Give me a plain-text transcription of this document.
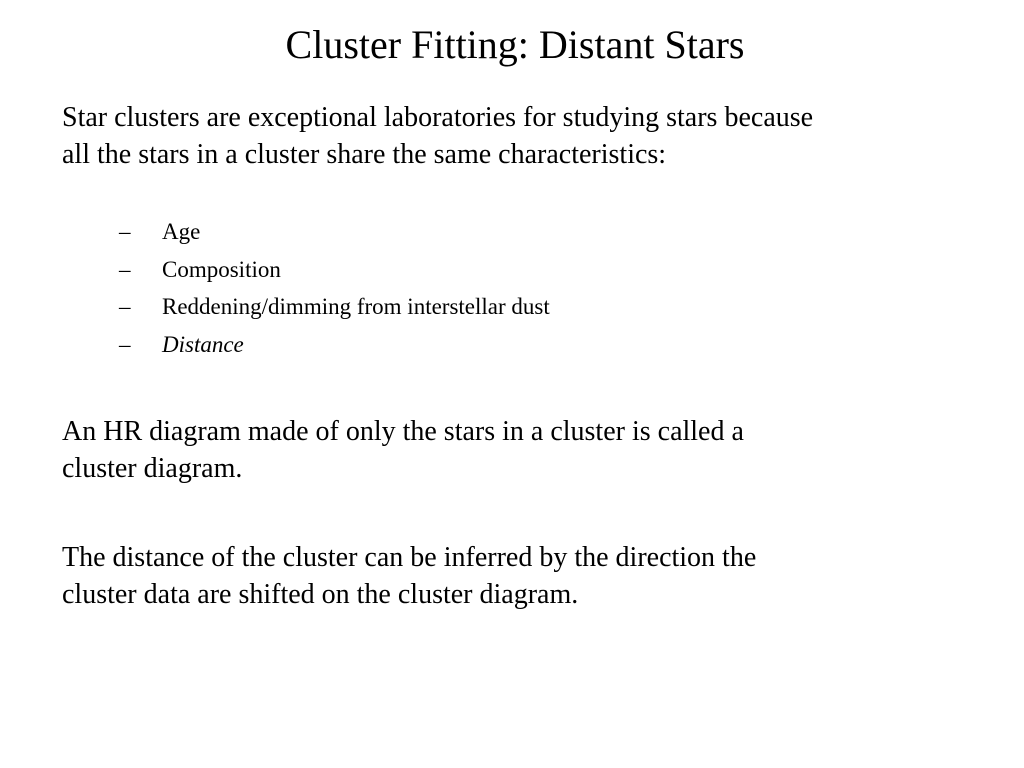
Cluster Fitting: Distant Stars

Star clusters are exceptional laboratories for studying stars because all the stars in a cluster share the same characteristics:

– Age
– Composition
– Reddening/dimming from interstellar dust
– Distance

An HR diagram made of only the stars in a cluster is called a cluster diagram.

The distance of the cluster can be inferred by the direction the cluster data are shifted on the cluster diagram.
